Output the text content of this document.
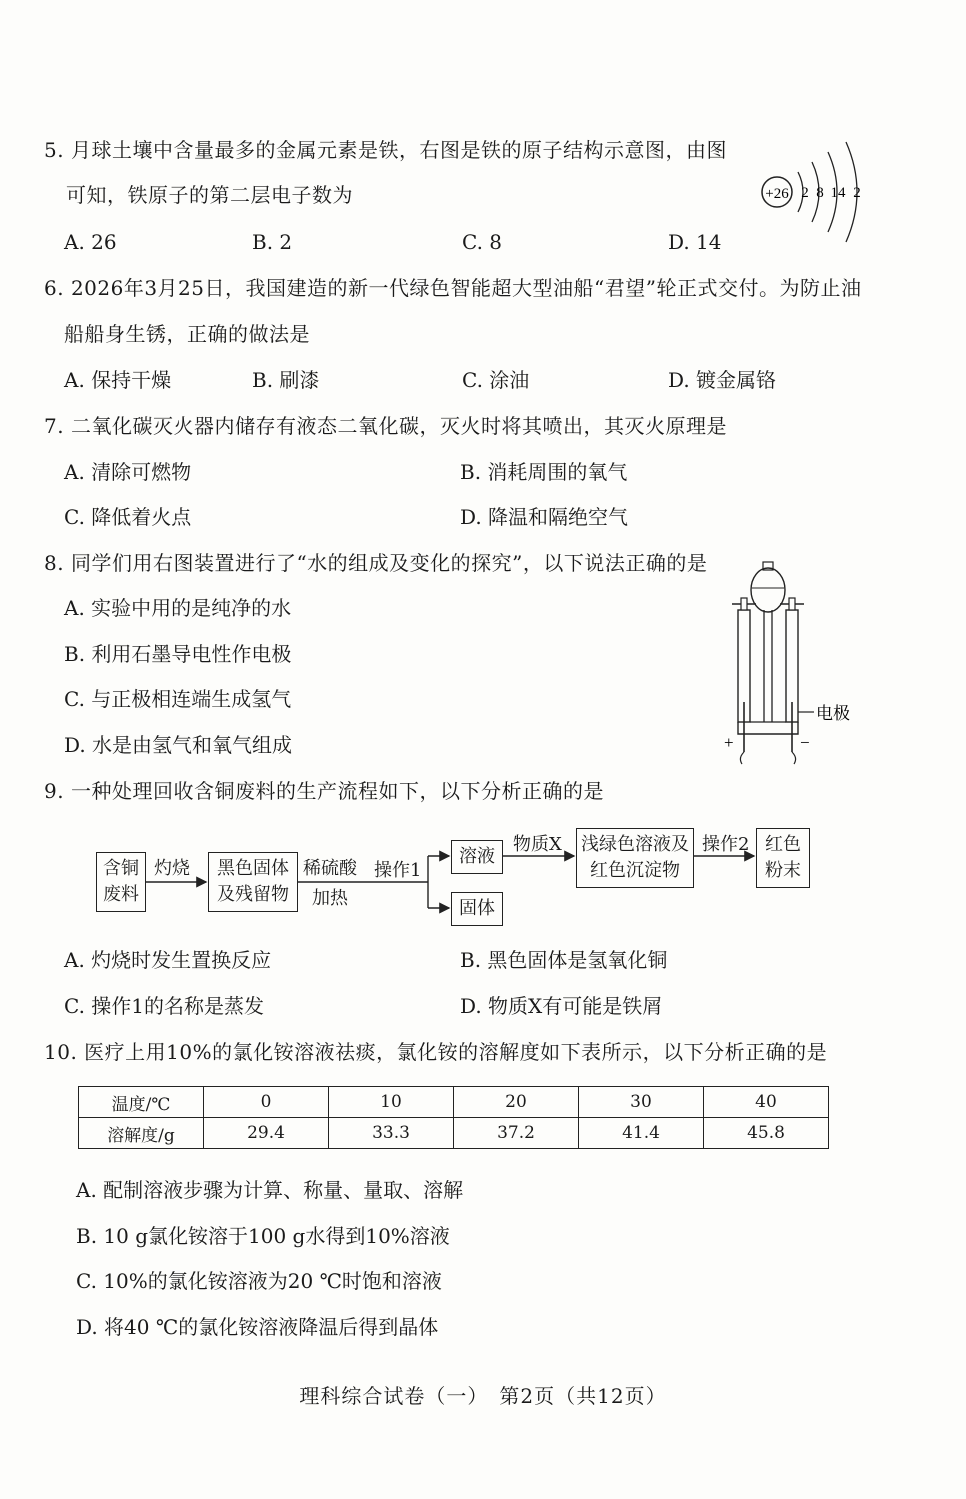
5. 月球土壤中含量最多的金属元素是铁，右图是铁的原子结构示意图，由图
可知，铁原子的第二层电子数为
A. 26	B. 2	C. 8	D. 14
+26 2 8 14 2
6. 2026年3月25日，我国建造的新一代绿色智能超大型油船“君望”轮正式交付。为防止油
船船身生锈，正确的做法是
A. 保持干燥	B. 刷漆	C. 涂油	D. 镀金属铬
7. 二氧化碳灭火器内储存有液态二氧化碳，灭火时将其喷出，其灭火原理是
A. 清除可燃物	B. 消耗周围的氧气
C. 降低着火点	D. 降温和隔绝空气
8. 同学们用右图装置进行了“水的组成及变化的探究”，以下说法正确的是
A. 实验中用的是纯净的水
B. 利用石墨导电性作电极
C. 与正极相连端生成氢气
D. 水是由氢气和氧气组成
电极
+	−
9. 一种处理回收含铜废料的生产流程如下，以下分析正确的是
含铜
废料
灼烧 黑色固体
及残留物
稀硫酸
加热
操作1
溶液
固体
物质X 浅绿色溶液及
红色沉淀物
操作2 红色
粉末
A. 灼烧时发生置换反应	B. 黑色固体是氢氧化铜
C. 操作1的名称是蒸发	D. 物质X有可能是铁屑
10. 医疗上用10%的氯化铵溶液祛痰，氯化铵的溶解度如下表所示，以下分析正确的是
温度/℃	0	10	20	30	40
溶解度/g	29.4	33.3	37.2	41.4	45.8
A. 配制溶液步骤为计算、称量、量取、溶解
B. 10 g氯化铵溶于100 g水得到10%溶液
C. 10%的氯化铵溶液为20 ℃时饱和溶液
D. 将40 ℃的氯化铵溶液降温后得到晶体
理科综合试卷（一）　第2页（共12页）
